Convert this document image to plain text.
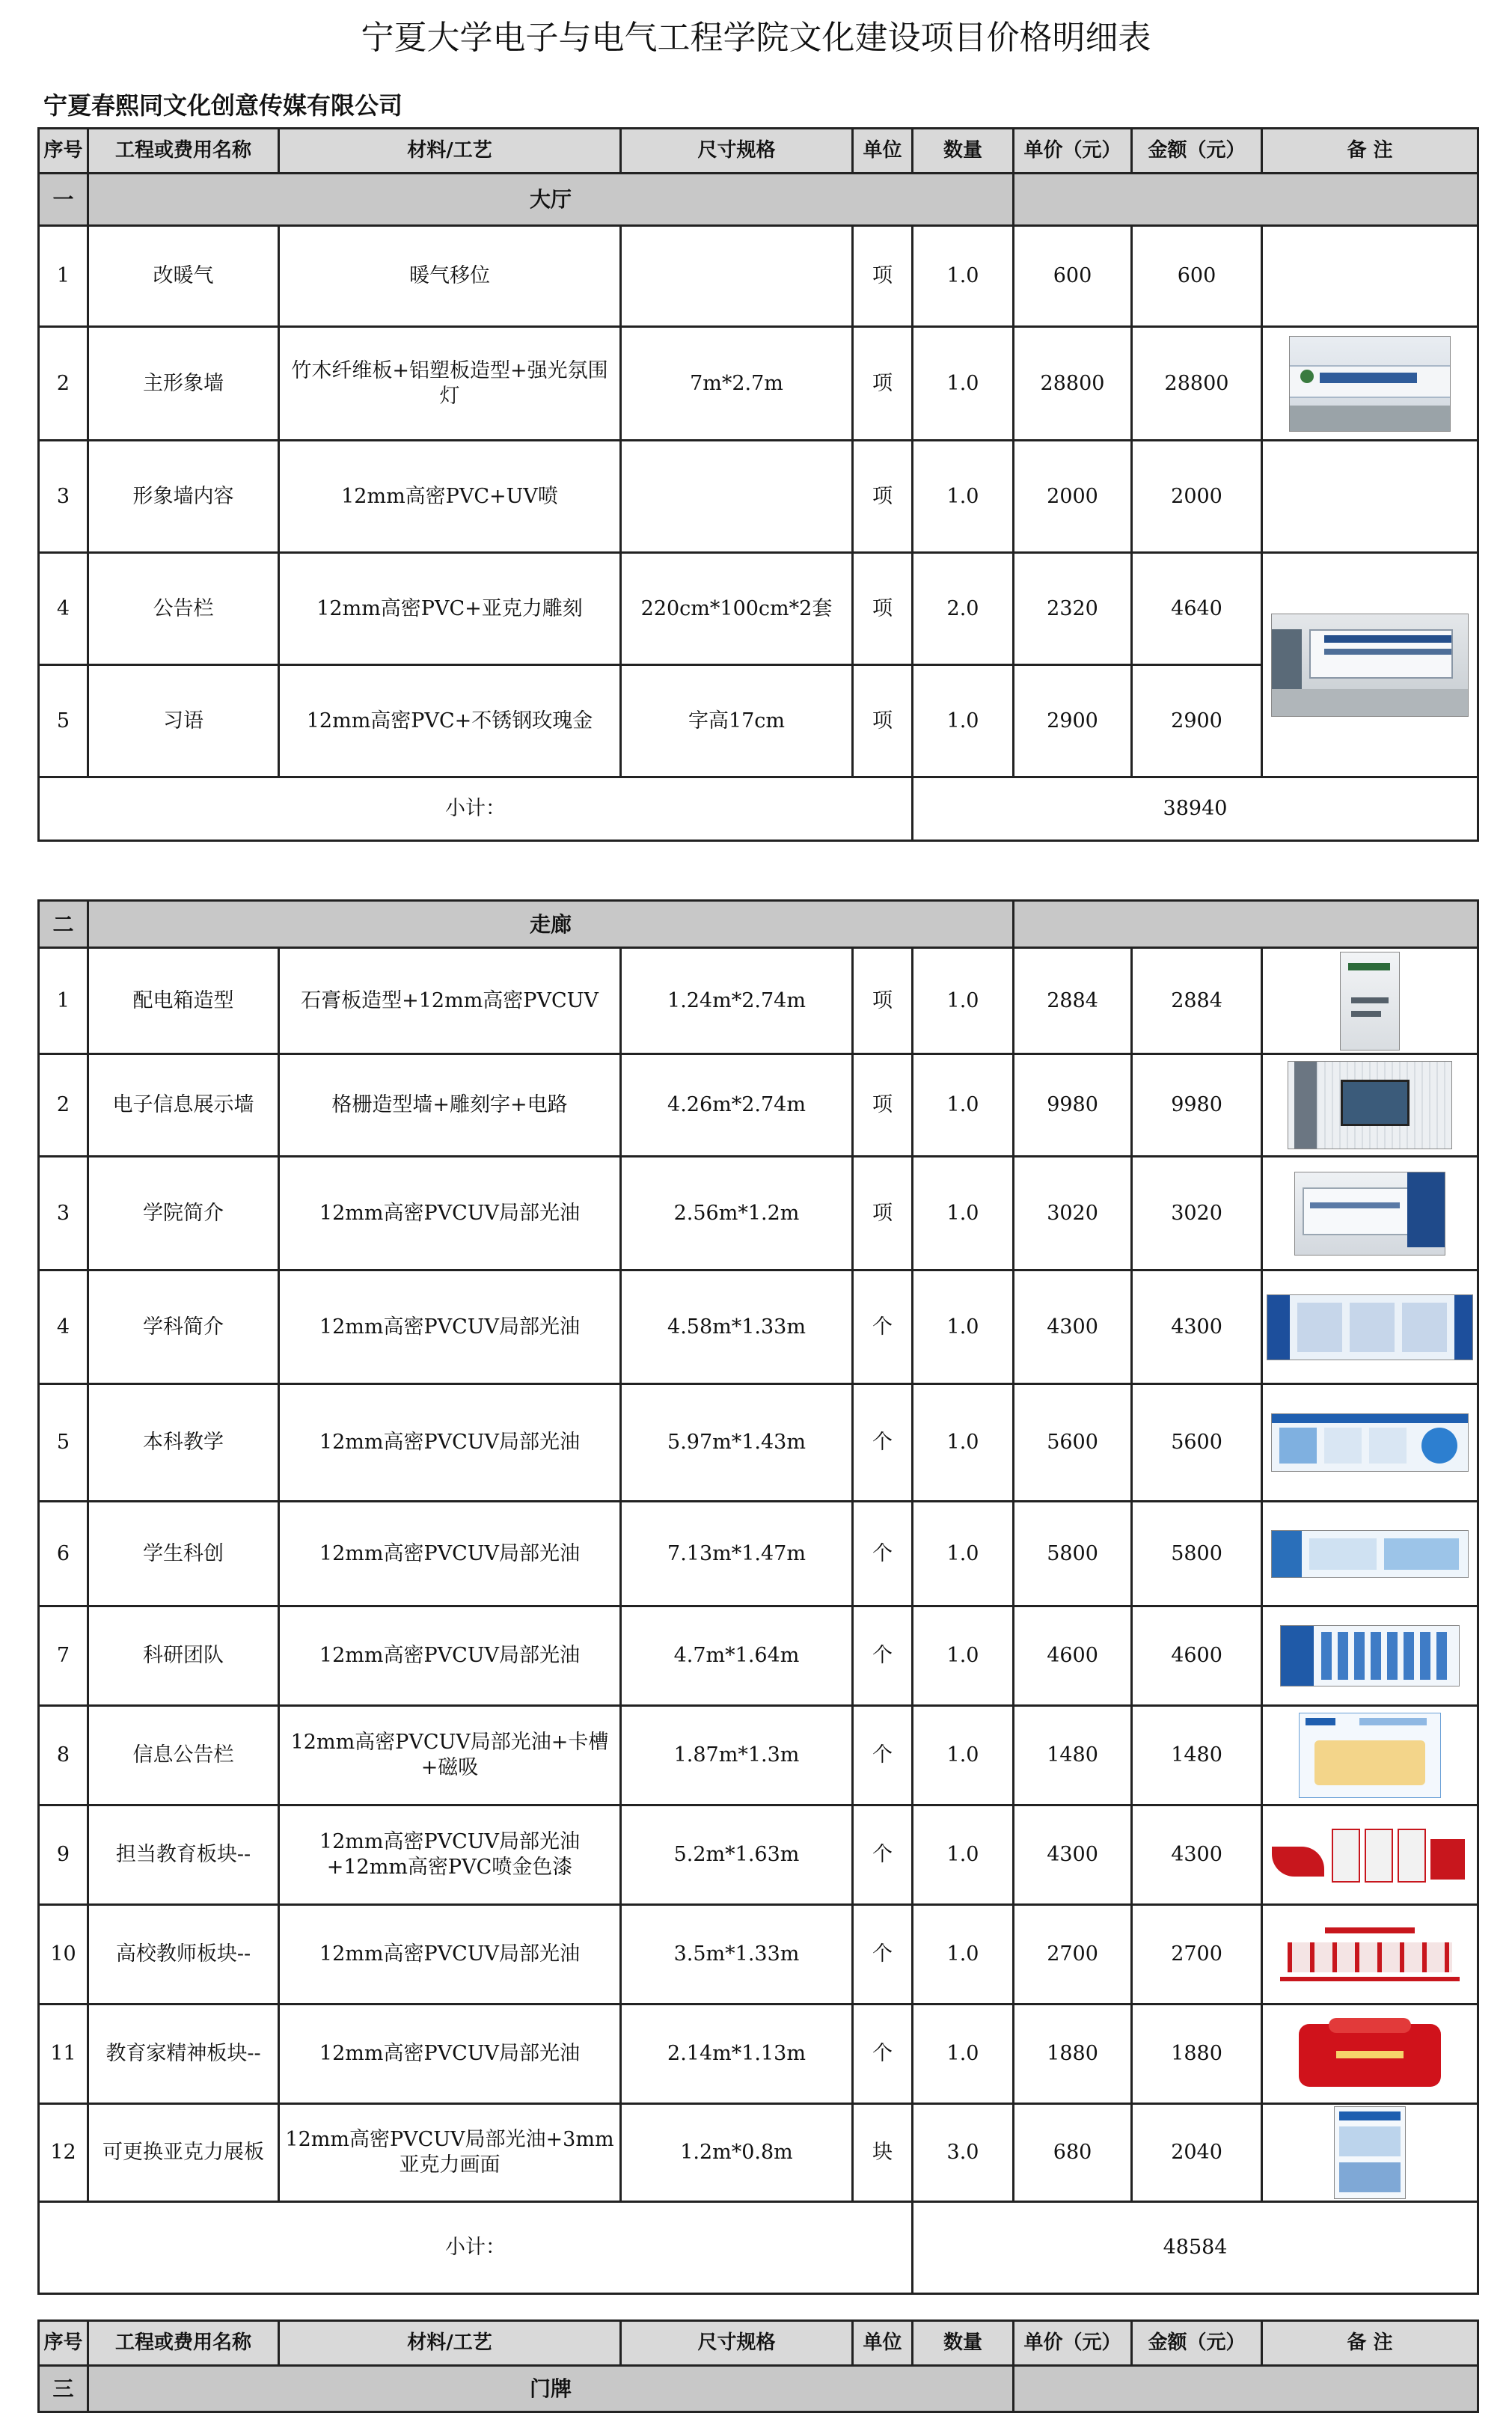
宁夏大学电子与电气工程学院文化建设项目价格明细表
宁夏春熙同文化创意传媒有限公司
序号	工程或费用名称	材料/工艺	尺寸规格	单位	数量	单价（元）	金额（元）	备 注
一	大厅							
1	改暖气	暖气移位		项	1.0	600	600	
2	主形象墙	竹木纤维板+铝塑板造型+强光氛围灯	7m*2.7m	项	1.0	28800	28800	

3	形象墙内容	12mm高密PVC+UV喷		项	1.0	2000	2000	
4	公告栏	12mm高密PVC+亚克力雕刻	220cm*100cm*2套	项	2.0	2320	4640	

5	习语	12mm高密PVC+不锈钢玫瑰金	字高17cm	项	1.0	2900	2900	
小计：					38940			
二	走廊							
1	配电箱造型	石膏板造型+12mm高密PVCUV	1.24m*2.74m	项	1.0	2884	2884	

2	电子信息展示墙	格栅造型墙+雕刻字+电路	4.26m*2.74m	项	1.0	9980	9980	

3	学院简介	12mm高密PVCUV局部光油	2.56m*1.2m	项	1.0	3020	3020	

4	学科简介	12mm高密PVCUV局部光油	4.58m*1.33m	个	1.0	4300	4300	

5	本科教学	12mm高密PVCUV局部光油	5.97m*1.43m	个	1.0	5600	5600	

6	学生科创	12mm高密PVCUV局部光油	7.13m*1.47m	个	1.0	5800	5800	

7	科研团队	12mm高密PVCUV局部光油	4.7m*1.64m	个	1.0	4600	4600	

8	信息公告栏	12mm高密PVCUV局部光油+卡槽+磁吸	1.87m*1.3m	个	1.0	1480	1480	

9	担当教育板块--	12mm高密PVCUV局部光油+12mm高密PVC喷金色漆	5.2m*1.63m	个	1.0	4300	4300	

10	高校教师板块--	12mm高密PVCUV局部光油	3.5m*1.33m	个	1.0	2700	2700	

11	教育家精神板块--	12mm高密PVCUV局部光油	2.14m*1.13m	个	1.0	1880	1880	

12	可更换亚克力展板	12mm高密PVCUV局部光油+3mm亚克力画面	1.2m*0.8m	块	3.0	680	2040	

小计：					48584			
序号	工程或费用名称	材料/工艺	尺寸规格	单位	数量	单价（元）	金额（元）	备 注
三	门牌							
